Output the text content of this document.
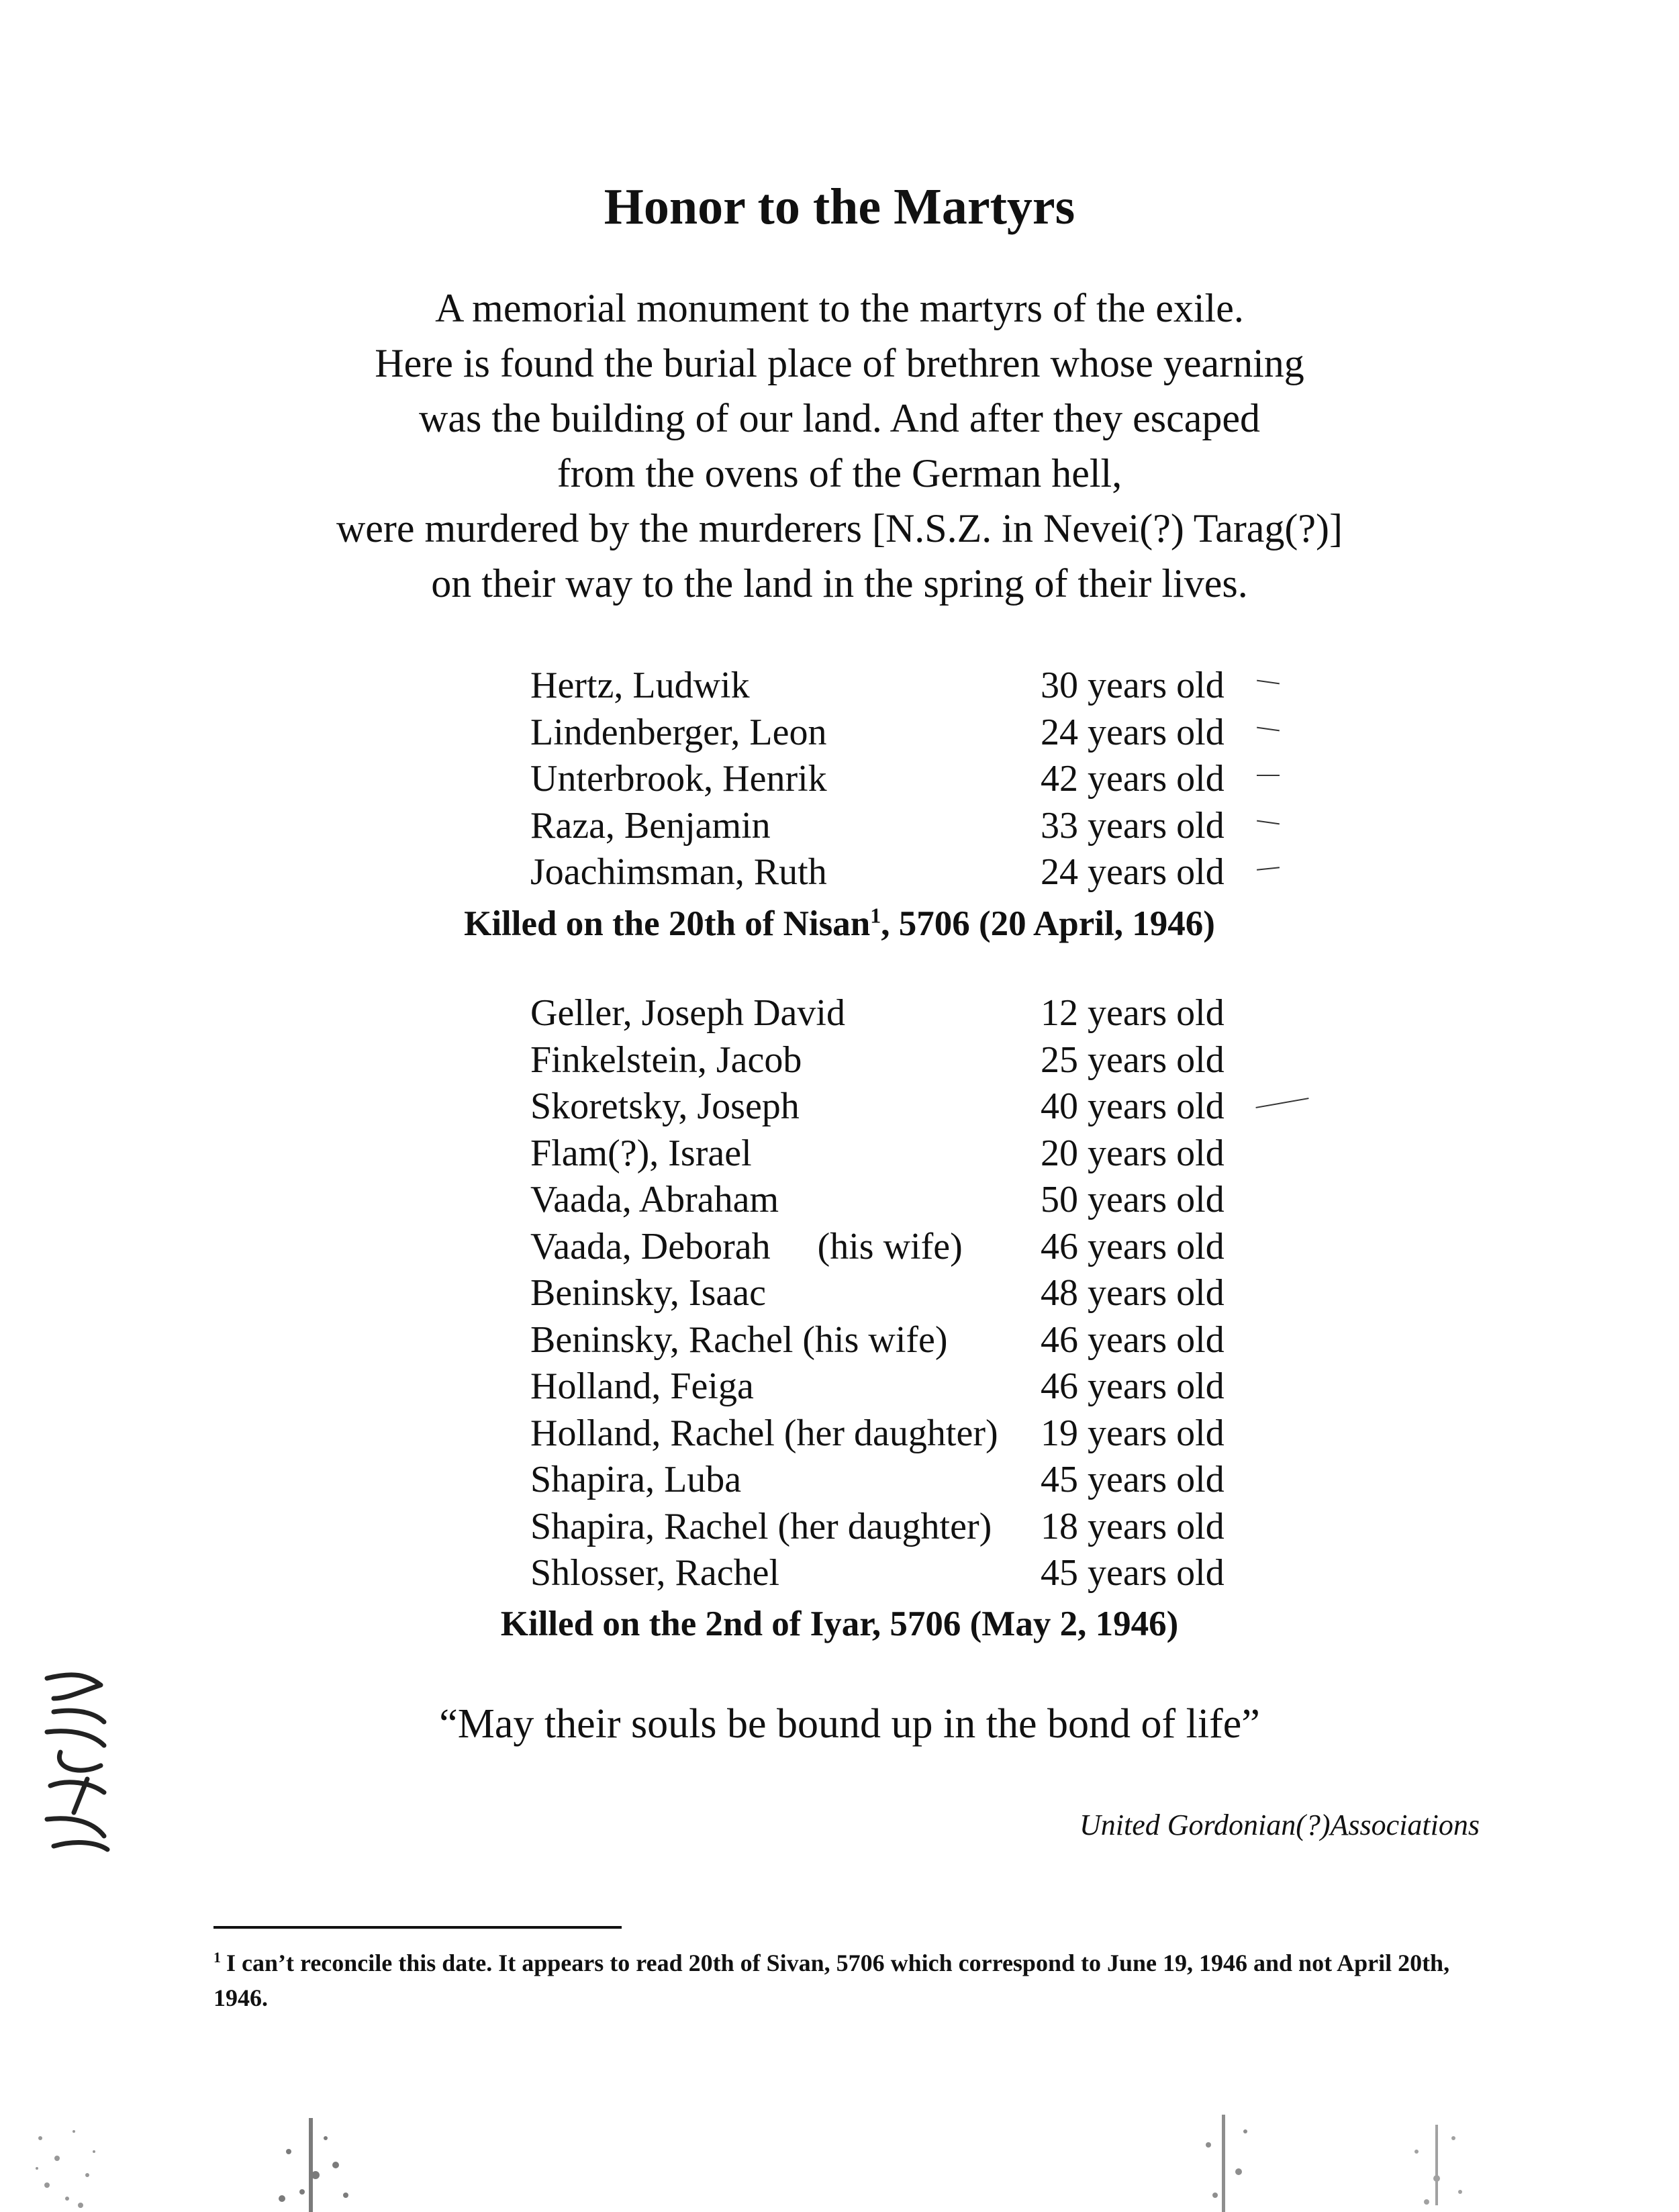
Honor to the Martyrs
A memorial monument to the martyrs of the exile.
Here is found the burial place of brethren whose yearning
was the building of our land. And after they escaped
from the ovens of the German hell,
were murdered by the murderers [N.S.Z. in Nevei(?) Tarag(?)]
on their way to the land in the spring of their lives.
Hertz, Ludwik	30 years old
Lindenberger, Leon	24 years old
Unterbrook, Henrik	42 years old
Raza, Benjamin	33 years old
Joachimsman, Ruth	24 years old
Killed on the 20th of Nisan$^1$, 5706 (20 April, 1946)
Geller, Joseph David	12 years old
Finkelstein, Jacob	25 years old
Skoretsky, Joseph	40 years old
Flam(?), Israel	20 years old
Vaada, Abraham	50 years old
Vaada, Deborah     (his wife) 46 years old
Beninsky, Isaac	48 years old
Beninsky, Rachel (his wife) 46 years old
Holland, Feiga	46 years old
Holland, Rachel (her daughter) 19 years old
Shapira, Luba	45 years old
Shapira, Rachel (her daughter) 18 years old
Shlosser, Rachel	45 years old
Killed on the 2nd of Iyar, 5706 (May 2, 1946)
“May their souls be bound up in the bond of life”
United Gordonian(?)Associations
$^1$ I can’t reconcile this date. It appears to read 20th of Sivan, 5706 which correspond to June 19, 1946 and not April 20th, 1946.
